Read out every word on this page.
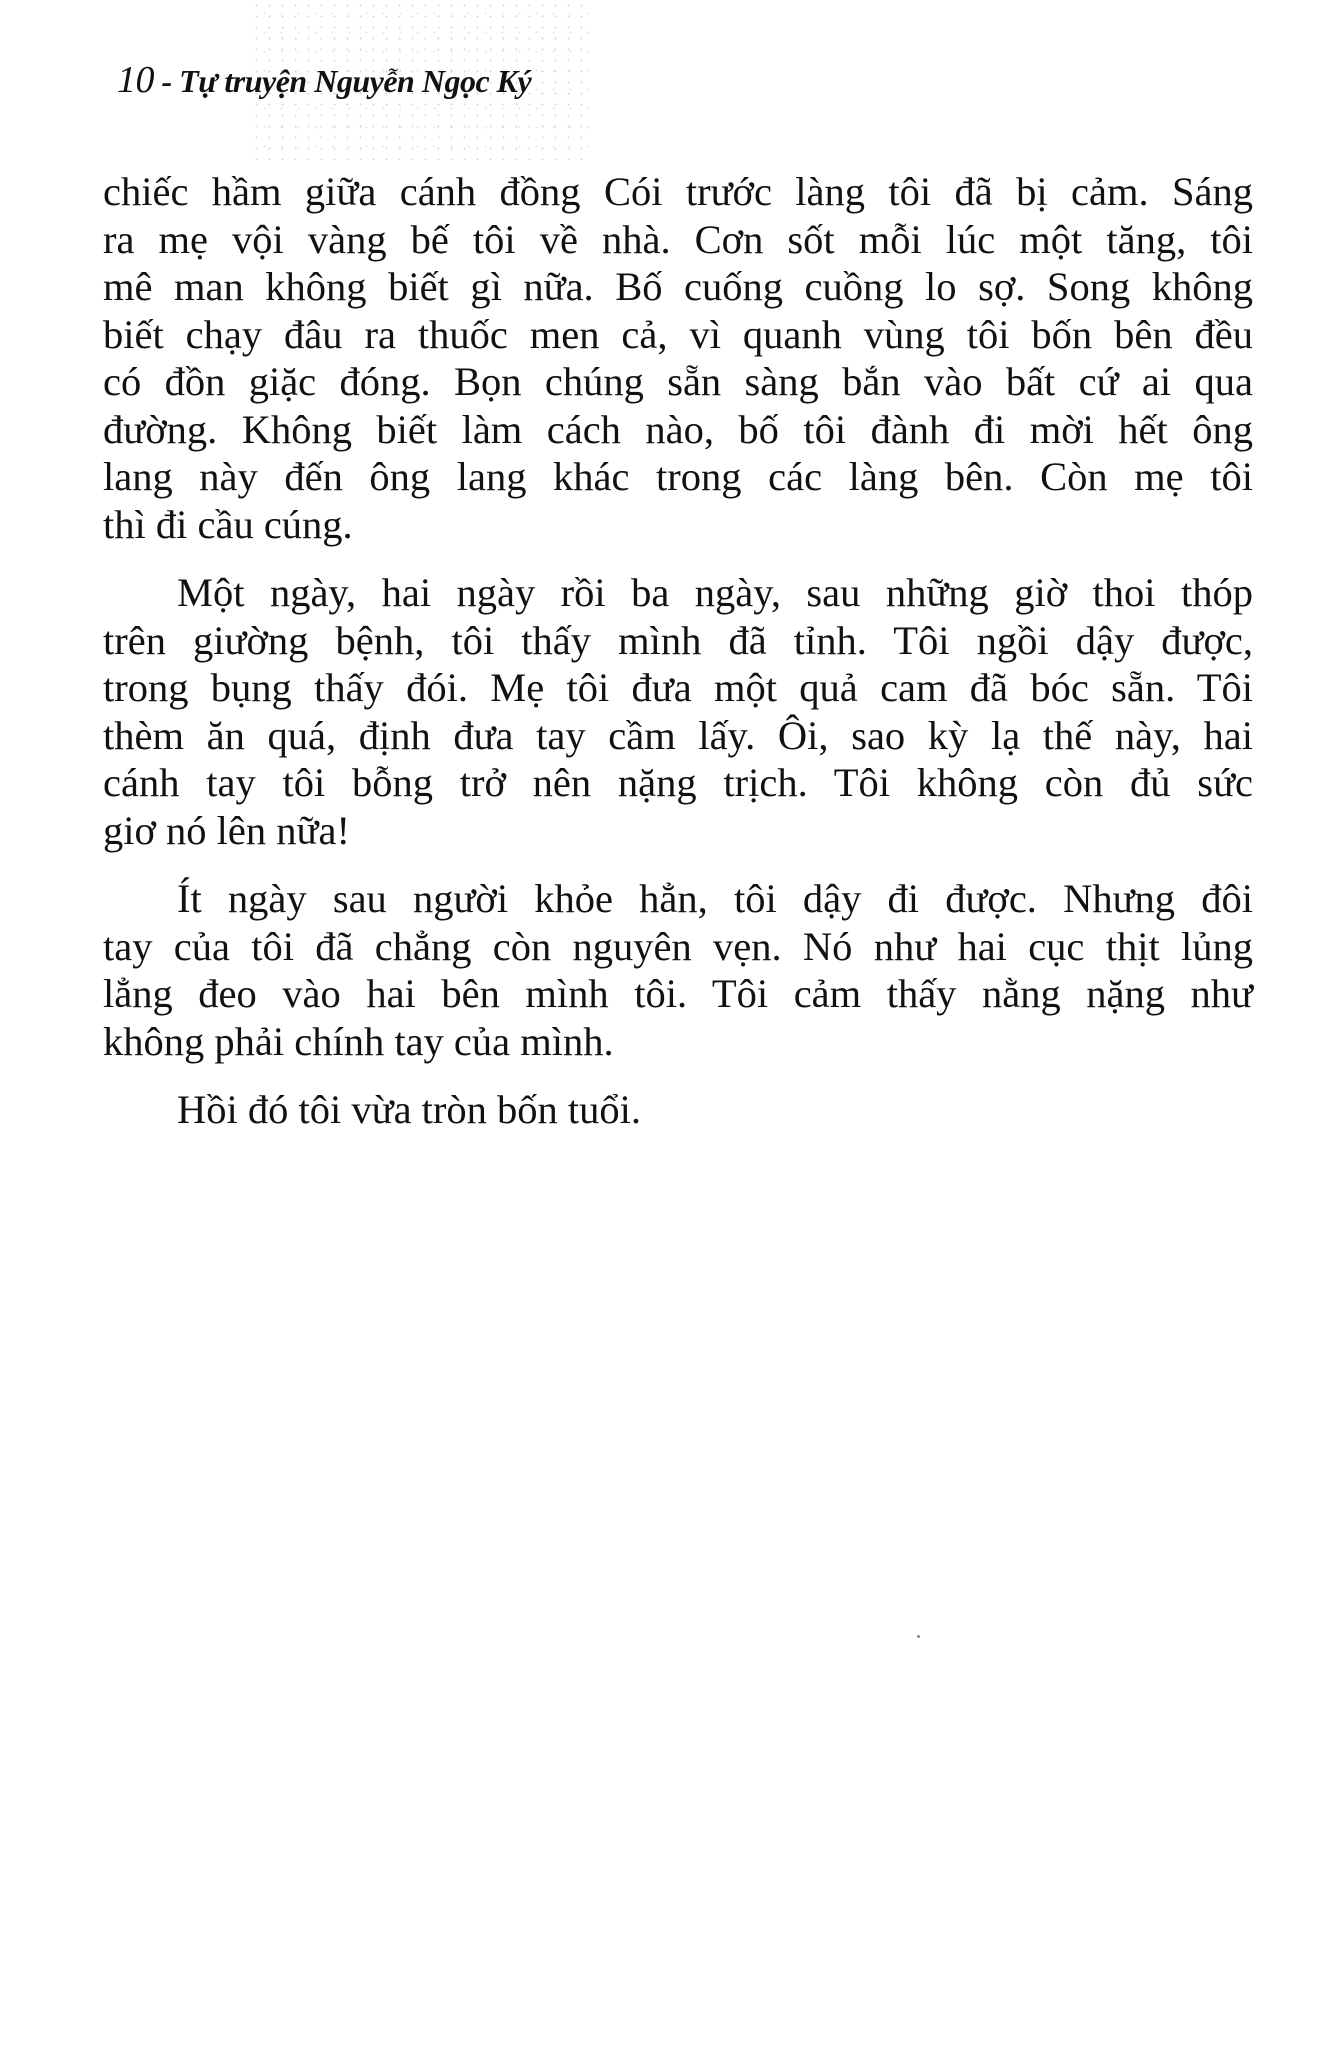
10 - Tự truyện Nguyễn Ngọc Ký
chiếc hầm giữa cánh đồng Cói trước làng tôi đã bị cảm. Sáng
ra mẹ vội vàng bế tôi về nhà. Cơn sốt mỗi lúc một tăng, tôi
mê man không biết gì nữa. Bố cuống cuồng lo sợ. Song không
biết chạy đâu ra thuốc men cả, vì quanh vùng tôi bốn bên đều
có đồn giặc đóng. Bọn chúng sẵn sàng bắn vào bất cứ ai qua
đường. Không biết làm cách nào, bố tôi đành đi mời hết ông
lang này đến ông lang khác trong các làng bên. Còn mẹ tôi
thì đi cầu cúng.
Một ngày, hai ngày rồi ba ngày, sau những giờ thoi thóp
trên giường bệnh, tôi thấy mình đã tỉnh. Tôi ngồi dậy được,
trong bụng thấy đói. Mẹ tôi đưa một quả cam đã bóc sẵn. Tôi
thèm ăn quá, định đưa tay cầm lấy. Ôi, sao kỳ lạ thế này, hai
cánh tay tôi bỗng trở nên nặng trịch. Tôi không còn đủ sức
giơ nó lên nữa!
Ít ngày sau người khỏe hẳn, tôi dậy đi được. Nhưng đôi
tay của tôi đã chẳng còn nguyên vẹn. Nó như hai cục thịt lủng
lẳng đeo vào hai bên mình tôi. Tôi cảm thấy nằng nặng như
không phải chính tay của mình.
Hồi đó tôi vừa tròn bốn tuổi.
